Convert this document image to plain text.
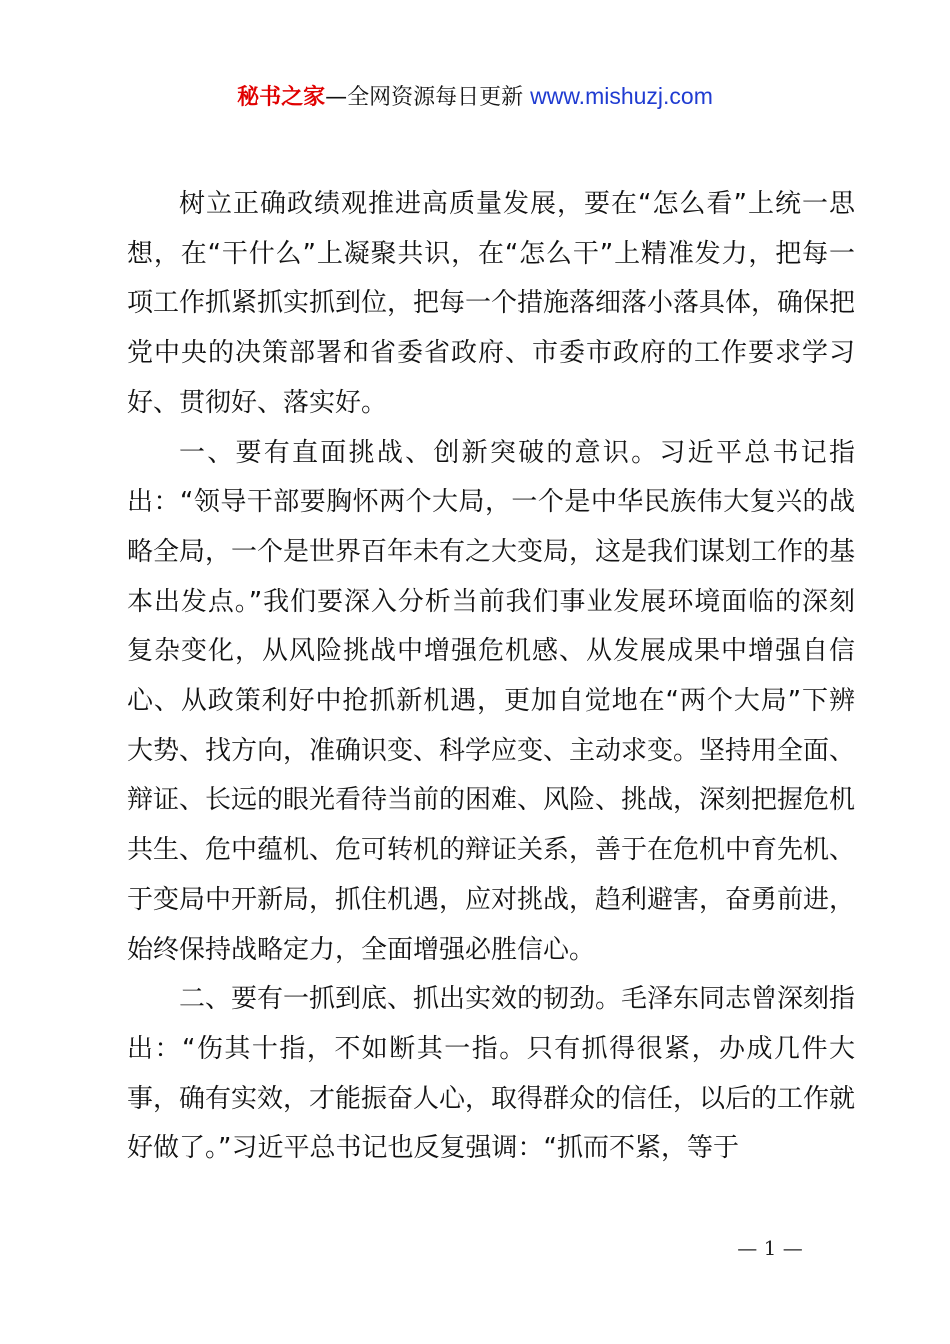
秘书之家—全网资源每日更新 www.mishuzj.com

树立正确政绩观推进高质量发展，要在“怎么看”上统一思想，在“干什么”上凝聚共识，在“怎么干”上精准发力，把每一项工作抓紧抓实抓到位，把每一个措施落细落小落具体，确保把党中央的决策部署和省委省政府、市委市政府的工作要求学习好、贯彻好、落实好。

一、要有直面挑战、创新突破的意识。习近平总书记指出：“领导干部要胸怀两个大局，一个是中华民族伟大复兴的战略全局，一个是世界百年未有之大变局，这是我们谋划工作的基本出发点。”我们要深入分析当前我们事业发展环境面临的深刻复杂变化，从风险挑战中增强危机感、从发展成果中增强自信心、从政策利好中抢抓新机遇，更加自觉地在“两个大局”下辨大势、找方向，准确识变、科学应变、主动求变。坚持用全面、辩证、长远的眼光看待当前的困难、风险、挑战，深刻把握危机共生、危中蕴机、危可转机的辩证关系，善于在危机中育先机、于变局中开新局，抓住机遇，应对挑战，趋利避害，奋勇前进，始终保持战略定力，全面增强必胜信心。

二、要有一抓到底、抓出实效的韧劲。毛泽东同志曾深刻指出：“伤其十指，不如断其一指。只有抓得很紧，办成几件大事，确有实效，才能振奋人心，取得群众的信任，以后的工作就好做了。”习近平总书记也反复强调：“抓而不紧，等于

— 1 —
